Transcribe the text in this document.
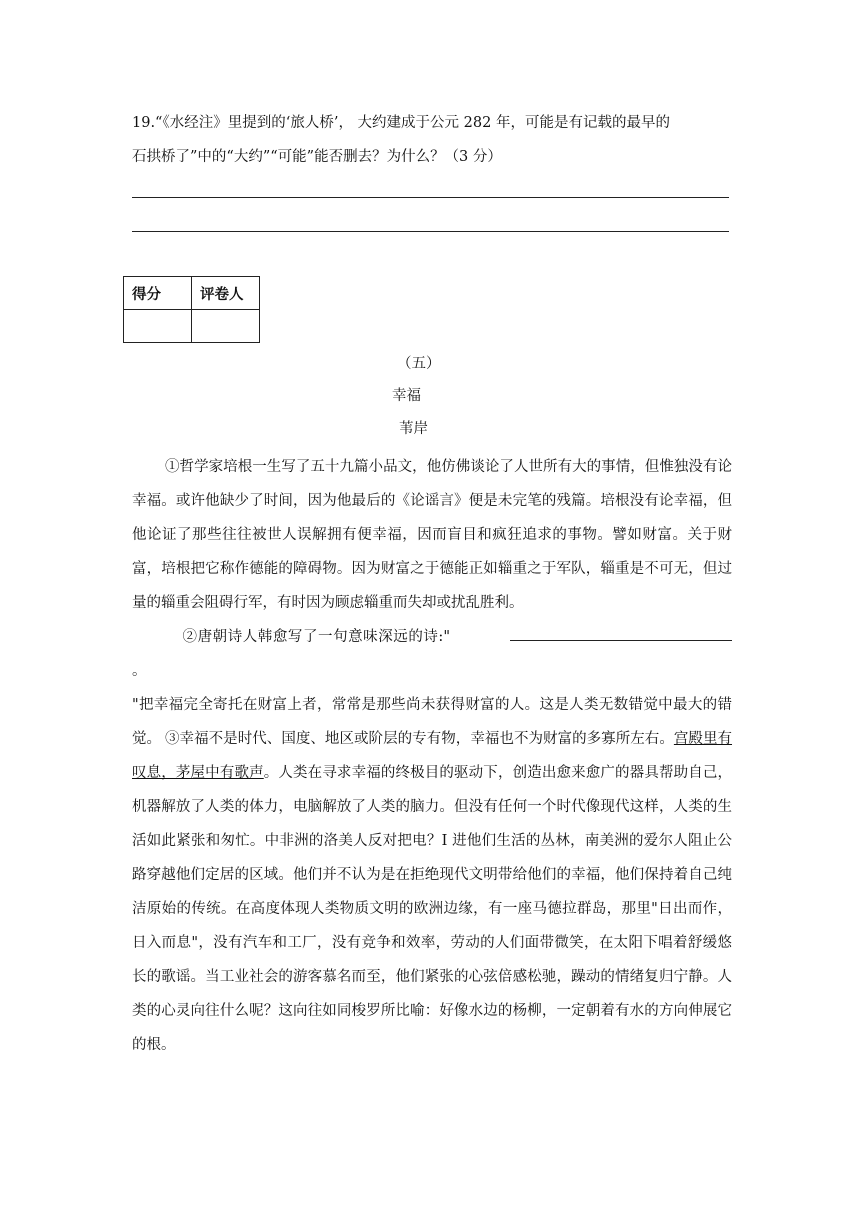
19.“《水经注》里提到的‘旅人桥’， 大约建成于公元 282 年，可能是有记载的最早的
石拱桥了”中的“大约”“可能”能否删去？为什么？（3 分）
得分	评卷人

（五）
幸福
苇岸
①哲学家培根一生写了五十九篇小品文，他仿佛谈论了人世所有大的事情，但惟独没有论幸福。或许他缺少了时间，因为他最后的《论谣言》便是未完笔的残篇。培根没有论幸福，但他论证了那些往往被世人误解拥有便幸福，因而盲目和疯狂追求的事物。譬如财富。关于财富，培根把它称作德能的障碍物。因为财富之于德能正如辎重之于军队，辎重是不可无，但过量的辎重会阻碍行军，有时因为顾虑辎重而失却或扰乱胜利。
②唐朝诗人韩愈写了一句意味深远的诗:"。
"把幸福完全寄托在财富上者，常常是那些尚未获得财富的人。这是人类无数错觉中最大的错觉。 ③幸福不是时代、国度、地区或阶层的专有物，幸福也不为财富的多寡所左右。宫殿里有叹息，茅屋中有歌声。人类在寻求幸福的终极目的驱动下，创造出愈来愈广的器具帮助自己，机器解放了人类的体力，电脑解放了人类的脑力。但没有任何一个时代像现代这样，人类的生活如此紧张和匆忙。中非洲的洛美人反对把电？I 进他们生活的丛林，南美洲的爱尔人阻止公路穿越他们定居的区域。他们并不认为是在拒绝现代文明带给他们的幸福，他们保持着自己纯洁原始的传统。在高度体现人类物质文明的欧洲边缘，有一座马德拉群岛，那里"日出而作，日入而息"，没有汽车和工厂，没有竞争和效率，劳动的人们面带微笑，在太阳下唱着舒缓悠长的歌谣。当工业社会的游客慕名而至，他们紧张的心弦倍感松驰，躁动的情绪复归宁静。人类的心灵向往什么呢？这向往如同梭罗所比喻：好像水边的杨柳，一定朝着有水的方向伸展它的根。
